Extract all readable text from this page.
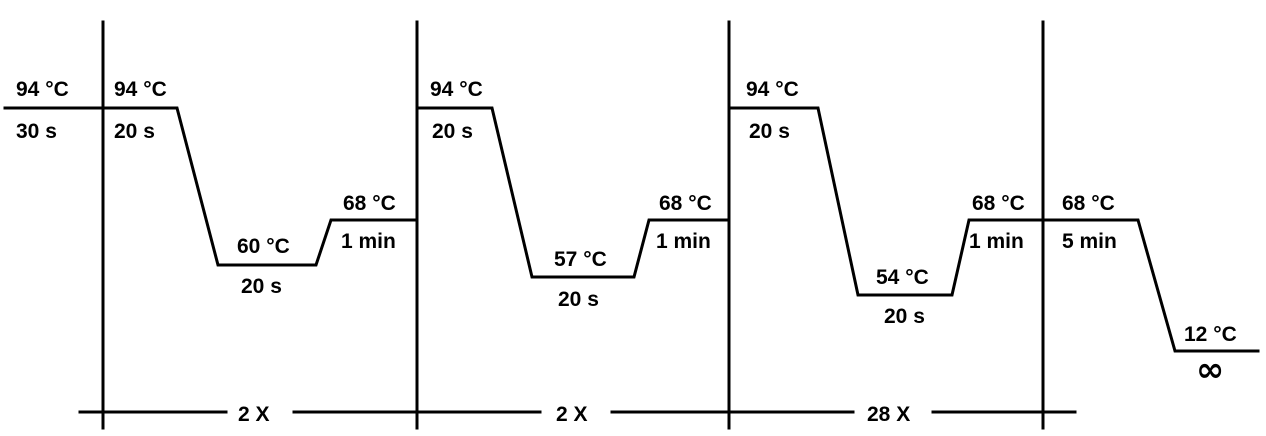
94 °C
30 s
94 °C
20 s
60 °C
20 s
68 °C
1 min
2 X
94 °C
20 s
57 °C
20 s
68 °C
1 min
2 X
94 °C
20 s
54 °C
20 s
68 °C
1 min
28 X
68 °C
5 min
12 °C
∞
